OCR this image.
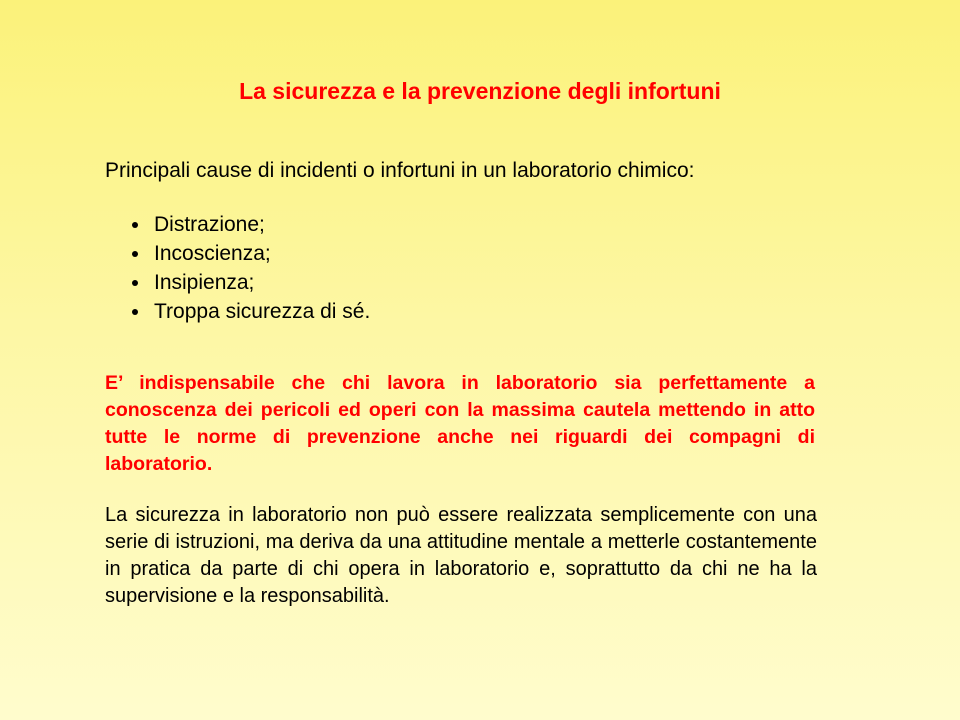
La sicurezza e la prevenzione degli infortuni
Principali cause di incidenti o infortuni in un laboratorio chimico:
Distrazione;
Incoscienza;
Insipienza;
Troppa sicurezza di sé.
E’ indispensabile che chi lavora in laboratorio sia perfettamente a conoscenza dei pericoli ed operi con la massima cautela mettendo in atto tutte le norme di prevenzione anche nei riguardi dei compagni di laboratorio.
La sicurezza in laboratorio non può essere realizzata semplicemente con una serie di istruzioni, ma deriva da una attitudine mentale a metterle costantemente in pratica da parte di chi opera in laboratorio e, soprattutto da chi ne ha la supervisione e la responsabilità.
